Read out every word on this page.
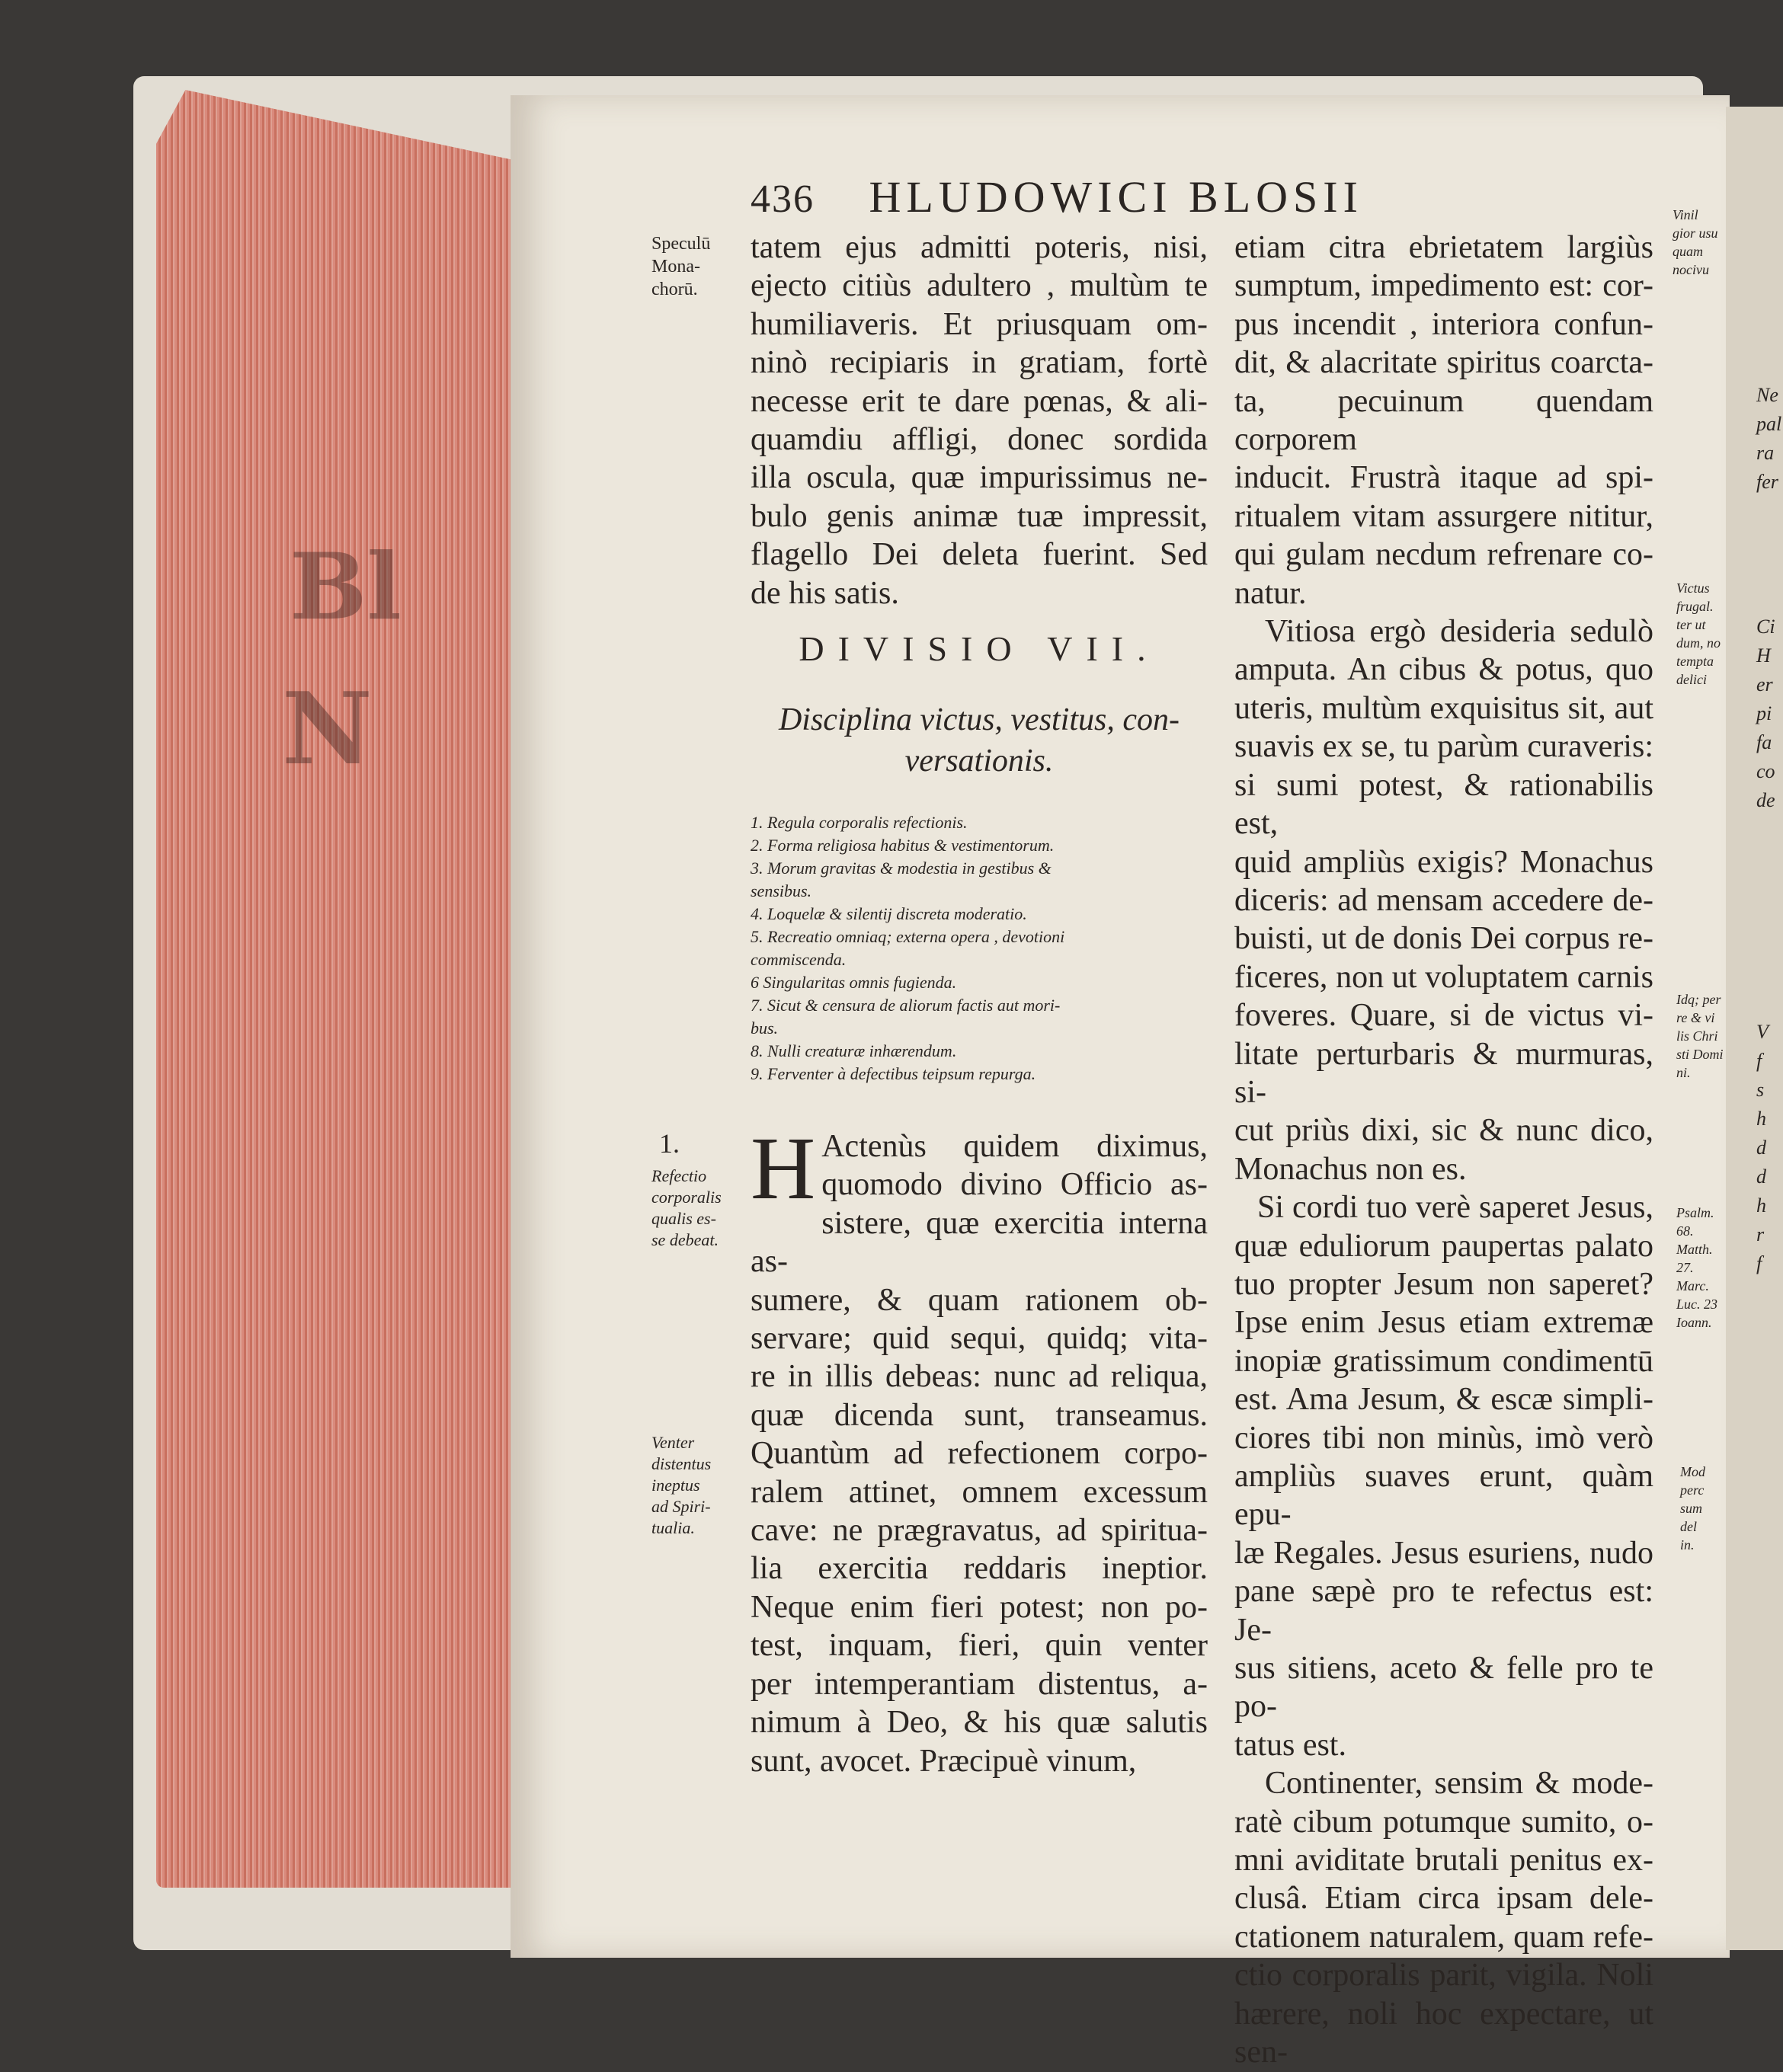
Bl
N
Ne
pal
ra
fer

Ci
H
er
pi
fa
co
de

V
f
s
h
d
d
h
r
f
436 HLUDOWICI BLOSII
Speculū
Mona-
chorū.
1.
Refectio
corporalis
qualis es-
se debeat.
Venter
distentus
ineptus
ad Spiri-
tualia.

tatem ejus admitti poteris, nisi,

ejecto citiùs adultero , multùm te

humiliaveris. Et priusquam om-

ninò recipiaris in gratiam, fortè

necesse erit te dare pœnas, & ali-

quamdiu affligi, donec sordida

illa oscula, quæ impurissimus ne-

bulo genis animæ tuæ impressit,

flagello Dei deleta fuerint. Sed

de his satis.

DIVISIO VII.
Disciplina victus, vestitus, con-
versationis.
1. Regula corporalis refectionis.
2. Forma religiosa habitus & vestimentorum.
3. Morum gravitas & modestia in gestibus &
sensibus.
4. Loquelæ & silentij discreta moderatio.
5. Recreatio omniaq; externa opera , devotioni
commiscenda.
6 Singularitas omnis fugienda.
7. Sicut & censura de aliorum factis aut mori-
bus.
8. Nulli creaturæ inhærendum.
9. Ferventer à defectibus teipsum repurga.
H Actenùs quidem diximus,

quomodo divino Officio as-

sistere, quæ exercitia interna as-

sumere, & quam rationem ob-

servare; quid sequi, quidq; vita-

re in illis debeas: nunc ad reliqua,

quæ dicenda sunt, transeamus.

Quantùm ad refectionem corpo-

ralem attinet, omnem excessum

cave: ne prægravatus, ad spiritua-

lia exercitia reddaris ineptior.

Neque enim fieri potest; non po-

test, inquam, fieri, quin venter

per intemperantiam distentus, a-

nimum à Deo, & his quæ salutis

sunt, avocet. Præcipuè vinum,

etiam citra ebrietatem largiùs

sumptum, impedimento est: cor-

pus incendit , interiora confun-

dit, & alacritate spiritus coarcta-

ta, pecuinum quendam corporem

inducit. Frustrà itaque ad spi-

ritualem vitam assurgere nititur,

qui gulam necdum refrenare co-

natur.

Vitiosa ergò desideria sedulò

amputa. An cibus & potus, quo

uteris, multùm exquisitus sit, aut

suavis ex se, tu parùm curaveris:

si sumi potest, & rationabilis est,

quid ampliùs exigis? Monachus

diceris: ad mensam accedere de-

buisti, ut de donis Dei corpus re-

ficeres, non ut voluptatem carnis

foveres. Quare, si de victus vi-

litate perturbaris & murmuras, si-

cut priùs dixi, sic & nunc dico,

Monachus non es.

Si cordi tuo verè saperet Jesus,

quæ eduliorum paupertas palato

tuo propter Jesum non saperet?

Ipse enim Jesus etiam extremæ

inopiæ gratissimum condimentū

est. Ama Jesum, & escæ simpli-

ciores tibi non minùs, imò verò

ampliùs suaves erunt, quàm epu-

læ Regales. Jesus esuriens, nudo

pane sæpè pro te refectus est: Je-

sus sitiens, aceto & felle pro te po-

tatus est.

Continenter, sensim & mode-

ratè cibum potumque sumito, o-

mni aviditate brutali penitus ex-

clusâ. Etiam circa ipsam dele-

ctationem naturalem, quam refe-

ctio corporalis parit, vigila. Noli

hærere, noli hoc expectare, ut

sen-

Vinil
gior usu
quam
nocivu
Victus
frugal.
ter ut
dum, no
tempta
delici
Idq; per
re & vi
lis Chri
sti Domi
ni.
Psalm.
68.
Matth.
27.
Marc.
Luc. 23
Ioann.
Mod
perc
sum
del
in.
